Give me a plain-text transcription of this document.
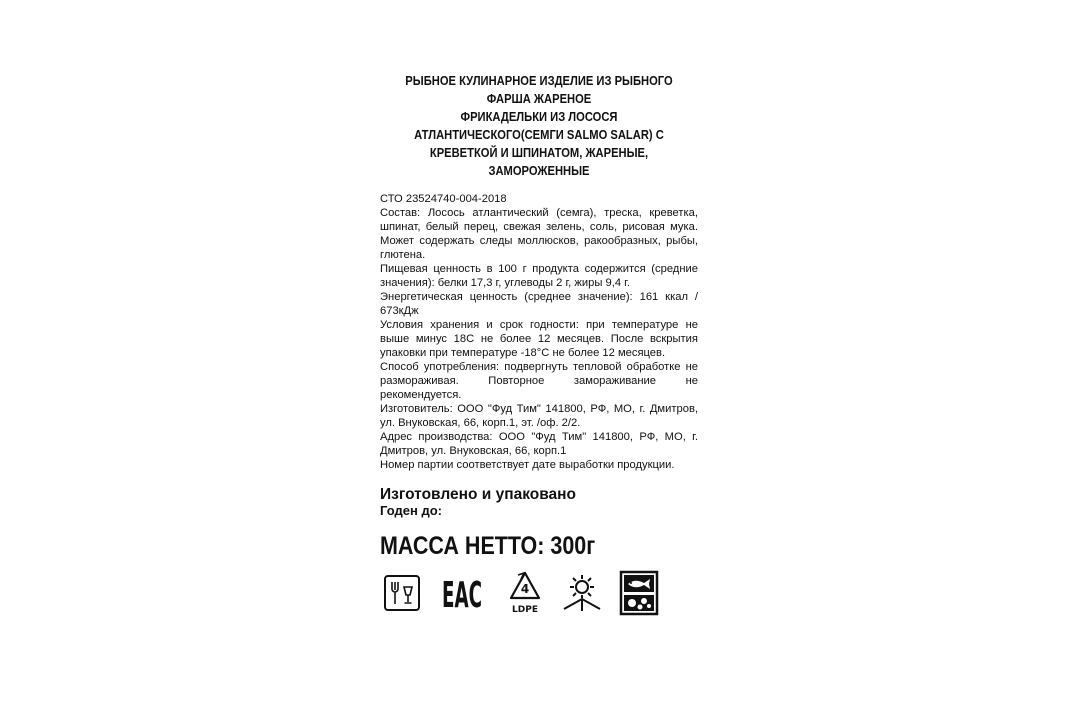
РЫБНОЕ КУЛИНАРНОЕ ИЗДЕЛИЕ ИЗ РЫБНОГО
ФАРША ЖАРЕНОЕ
ФРИКАДЕЛЬКИ ИЗ ЛОСОСЯ
АТЛАНТИЧЕСКОГО(СЕМГИ SALMO SALAR) С
КРЕВЕТКОЙ И ШПИНАТОМ, ЖАРЕНЫЕ,
ЗАМОРОЖЕННЫЕ

СТО 23524740-004-2018

Состав: Лосось атлантический (семга), треска, креветка, шпинат, белый перец, свежая зелень, соль, рисовая мука. Может содержать следы моллюсков, ракообразных, рыбы, глютена.

Пищевая ценность в 100 г продукта содержится (средние значения): белки 17,3 г, углеводы 2 г, жиры 9,4 г.

Энергетическая ценность (среднее значение): 161 ккал / 673кДж

Условия хранения и срок годности: при температуре не выше минус 18С не более 12 месяцев. После вскрытия упаковки при температуре -18°С не более 12 месяцев.

Способ употребления: подвергнуть тепловой обработке не размораживая. Повторное замораживание не рекомендуется.

Изготовитель: ООО "Фуд Тим" 141800, РФ, МО, г. Дмитров, ул. Внуковская, 66, корп.1, эт. /оф. 2/2.

Адрес производства: ООО "Фуд Тим" 141800, РФ, МО, г. Дмитров, ул. Внуковская, 66, корп.1

Номер партии соответствует дате выработки продукции.

Изготовлено и упаковано
Годен до:
МАССА НЕТТО: 300г
ЕАС	4
LDPE
